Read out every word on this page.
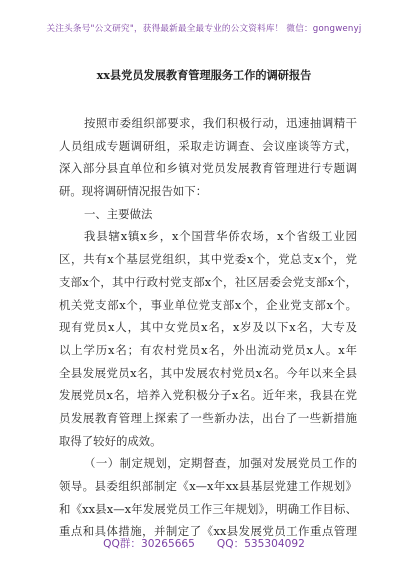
关注头条号"公文研究"，获得最新最全最专业的公文资料库！ 微信：gongwenyj
xx县党员发展教育管理服务工作的调研报告
按照市委组织部要求，我们积极行动，迅速抽调精干
人员组成专题调研组，采取走访调查、会议座谈等方式，
深入部分县直单位和乡镇对党员发展教育管理进行专题调
研。现将调研情况报告如下：
一、主要做法
我县辖x镇x乡，x个国营华侨农场，x个省级工业园
区，共有x个基层党组织，其中党委x个，党总支x个，党
支部x个，其中行政村党支部x个，社区居委会党支部x个，
机关党支部x个，事业单位党支部x个，企业党支部x个。
现有党员x人，其中女党员x名，x岁及以下x名，大专及
以上学历x名；有农村党员x名，外出流动党员x人。x年
全县发展党员x名，其中发展农村党员x名。今年以来全县
发展党员x名，培养入党积极分子x名。近年来，我县在党
员发展教育管理上探索了一些新办法，出台了一些新措施
取得了较好的成效。
（一）制定规划，定期督查，加强对发展党员工作的
领导。县委组织部制定《x—x年xx县基层党建工作规划》
和《xx县x—x年发展党员工作三年规划》，明确工作目标、
重点和具体措施，并制定了《xx县发展党员工作重点管理
QQ群：30265665 QQ：535304092
